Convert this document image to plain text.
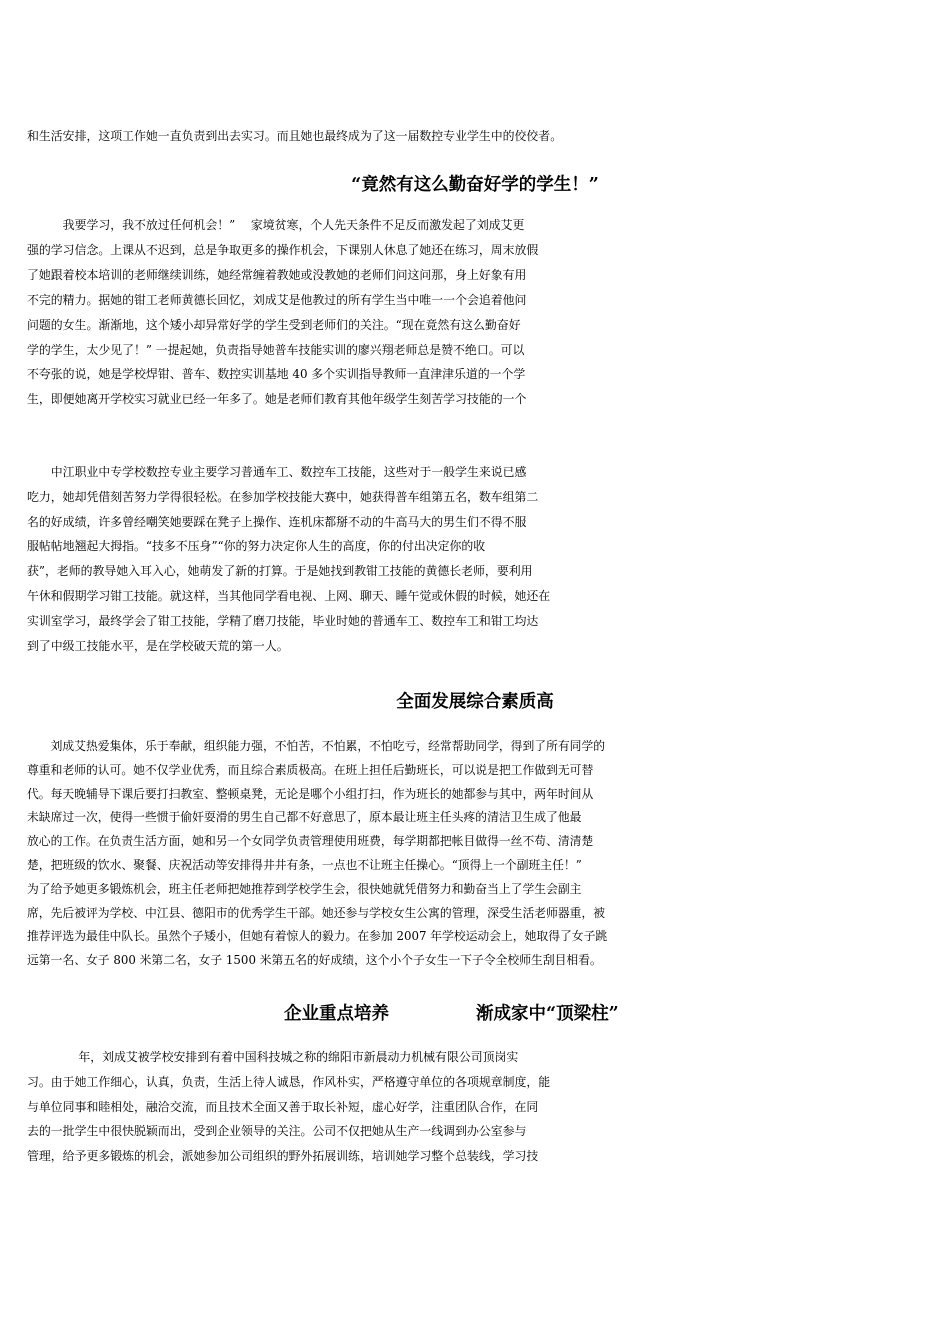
和生活安排，这项工作她一直负责到出去实习。而且她也最终成为了这一届数控专业学生中的佼佼者。
“竟然有这么勤奋好学的学生！”
　　　我要学习，我不放过任何机会！”　 家境贫寒，个人先天条件不足反而激发起了刘成艾更
强的学习信念。上课从不迟到，总是争取更多的操作机会，下课别人休息了她还在练习，周末放假
了她跟着校本培训的老师继续训练，她经常缠着教她或没教她的老师们问这问那，身上好象有用
不完的精力。据她的钳工老师黄德长回忆，刘成艾是他教过的所有学生当中唯一一个会追着他问
问题的女生。渐渐地，这个矮小却异常好学的学生受到老师们的关注。“现在竟然有这么勤奋好
学的学生，太少见了！” 一提起她，负责指导她普车技能实训的廖兴翔老师总是赞不绝口。可以
不夸张的说，她是学校焊钳、普车、数控实训基地 40 多个实训指导教师一直津津乐道的一个学
生，即便她离开学校实习就业已经一年多了。她是老师们教育其他年级学生刻苦学习技能的一个
　　中江职业中专学校数控专业主要学习普通车工、数控车工技能，这些对于一般学生来说已感
吃力，她却凭借刻苦努力学得很轻松。在参加学校技能大赛中，她获得普车组第五名，数车组第二
名的好成绩，许多曾经嘲笑她要踩在凳子上操作、连机床都掰不动的牛高马大的男生们不得不服
服帖帖地翘起大拇指。“技多不压身”“你的努力决定你人生的高度，你的付出决定你的收
获”，老师的教导她入耳入心，她萌发了新的打算。于是她找到教钳工技能的黄德长老师，要利用
午休和假期学习钳工技能。就这样，当其他同学看电视、上网、聊天、睡午觉或休假的时候，她还在
实训室学习，最终学会了钳工技能，学精了磨刀技能，毕业时她的普通车工、数控车工和钳工均达
到了中级工技能水平，是在学校破天荒的第一人。
全面发展综合素质高
　　刘成艾热爱集体，乐于奉献，组织能力强，不怕苦，不怕累，不怕吃亏，经常帮助同学，得到了所有同学的
尊重和老师的认可。她不仅学业优秀，而且综合素质极高。在班上担任后勤班长，可以说是把工作做到无可替
代。每天晚辅导下课后要打扫教室、整顿桌凳，无论是哪个小组打扫，作为班长的她都参与其中，两年时间从
未缺席过一次，使得一些惯于偷奸耍滑的男生自己都不好意思了，原本最让班主任头疼的清洁卫生成了他最
放心的工作。在负责生活方面，她和另一个女同学负责管理使用班费，每学期都把帐目做得一丝不苟、清清楚
楚，把班级的饮水、聚餐、庆祝活动等安排得井井有条，一点也不让班主任操心。“顶得上一个副班主任！”
为了给予她更多锻炼机会，班主任老师把她推荐到学校学生会，很快她就凭借努力和勤奋当上了学生会副主
席，先后被评为学校、中江县、德阳市的优秀学生干部。她还参与学校女生公寓的管理，深受生活老师器重，被
推荐评选为最佳中队长。虽然个子矮小，但她有着惊人的毅力。在参加 2007 年学校运动会上，她取得了女子跳
远第一名、女子 800 米第二名，女子 1500 米第五名的好成绩，这个小个子女生一下子令全校师生刮目相看。
企业重点培养	渐成家中“顶梁柱”
　　　　 年，刘成艾被学校安排到有着中国科技城之称的绵阳市新晨动力机械有限公司顶岗实
习。由于她工作细心，认真，负责，生活上待人诚恳，作风朴实，严格遵守单位的各项规章制度，能
与单位同事和睦相处，融洽交流，而且技术全面又善于取长补短，虚心好学，注重团队合作，在同
去的一批学生中很快脱颖而出，受到企业领导的关注。公司不仅把她从生产一线调到办公室参与
管理，给予更多锻炼的机会，派她参加公司组织的野外拓展训练，培训她学习整个总装线，学习技
